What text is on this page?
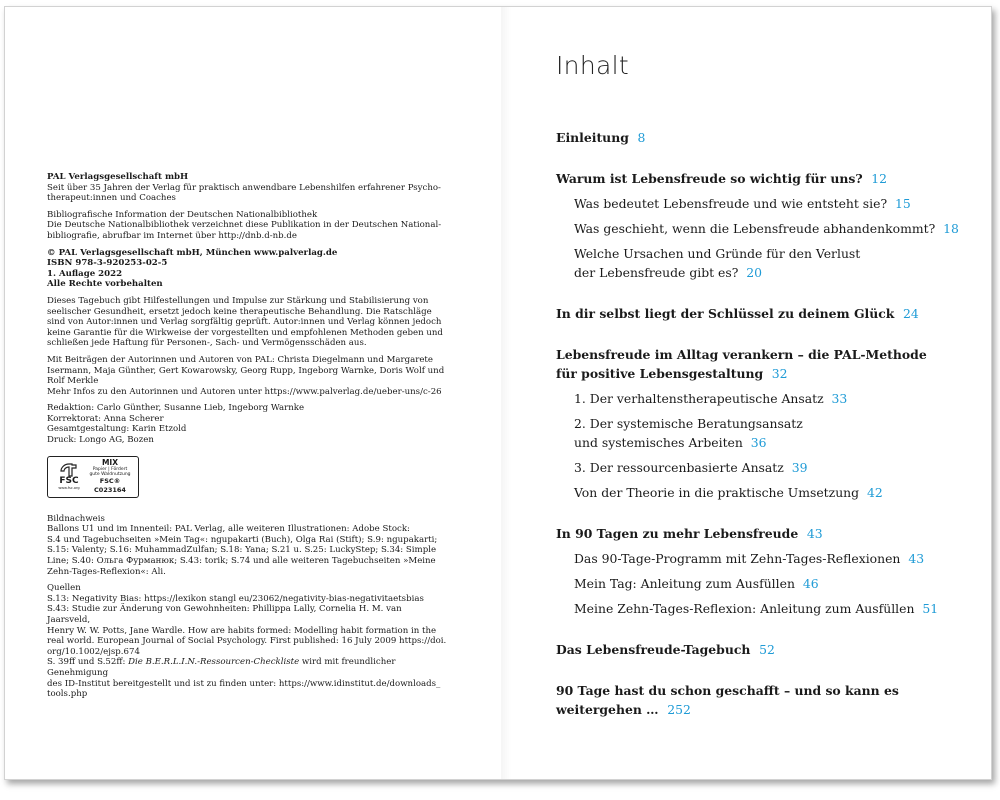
PAL Verlagsgesellschaft mbH
Seit über 35 Jahren der Verlag für praktisch anwendbare Lebenshilfen erfahrener Psycho-
therapeut:innen und Coaches
Bibliografische Information der Deutschen Nationalbibliothek
Die Deutsche Nationalbibliothek verzeichnet diese Publikation in der Deutschen National-
bibliografie, abrufbar im Internet über http://dnb.d-nb.de
© PAL Verlagsgesellschaft mbH, München www.palverlag.de
ISBN 978-3-920253-02-5
1. Auflage 2022
Alle Rechte vorbehalten
Dieses Tagebuch gibt Hilfestellungen und Impulse zur Stärkung und Stabilisierung von
seelischer Gesundheit, ersetzt jedoch keine therapeutische Behandlung. Die Ratschläge
sind von Autor:innen und Verlag sorgfältig geprüft. Autor:innen und Verlag können jedoch
keine Garantie für die Wirkweise der vorgestellten und empfohlenen Methoden geben und
schließen jede Haftung für Personen-, Sach- und Vermögensschäden aus.
Mit Beiträgen der Autorinnen und Autoren von PAL: Christa Diegelmann und Margarete
Isermann, Maja Günther, Gert Kowarowsky, Georg Rupp, Ingeborg Warnke, Doris Wolf und
Rolf Merkle
Mehr Infos zu den Autorinnen und Autoren unter https://www.palverlag.de/ueber-uns/c-26
Redaktion: Carlo Günther, Susanne Lieb, Ingeborg Warnke
Korrektorat: Anna Scherer
Gesamtgestaltung: Karin Etzold
Druck: Longo AG, Bozen
FSC
www.fsc.org
MIX
Papier | Fördert
gute Waldnutzung
FSC® C023164
Bildnachweis
Ballons U1 und im Innenteil: PAL Verlag, alle weiteren Illustrationen: Adobe Stock:
S.4 und Tagebuchseiten »Mein Tag«: ngupakarti (Buch), Olga Rai (Stift); S.9: ngupakarti;
S.15: Valenty; S.16: MuhammadZulfan; S.18: Yana; S.21 u. S.25: LuckyStep; S.34: Simple
Line; S.40: Ольга Фурманюк; S.43: torik; S.74 und alle weiteren Tagebuchseiten »Meine
Zehn-Tages-Reflexion«: Ali.
Quellen
S.13: Negativity Bias: https://lexikon stangl eu/23062/negativity-bias-negativitaetsbias
S.43: Studie zur Änderung von Gewohnheiten: Phillippa Lally, Cornelia H. M. van Jaarsveld,
Henry W. W. Potts, Jane Wardle. How are habits formed: Modelling habit formation in the
real world. European Journal of Social Psychology. First published: 16 July 2009 https://doi.
org/10.1002/ejsp.674
S. 39ff und S.52ff: Die B.E.R.L.I.N.-Ressourcen-Checkliste wird mit freundlicher Genehmigung
des ID-Institut bereitgestellt und ist zu finden unter: https://www.idinstitut.de/downloads_
tools.php
Inhalt
Einleitung 8
Warum ist Lebensfreude so wichtig für uns? 12
Was bedeutet Lebensfreude und wie entsteht sie? 15
Was geschieht, wenn die Lebensfreude abhandenkommt? 18
Welche Ursachen und Gründe für den Verlust
der Lebensfreude gibt es? 20
In dir selbst liegt der Schlüssel zu deinem Glück 24
Lebensfreude im Alltag verankern – die PAL-Methode
für positive Lebensgestaltung 32
1. Der verhaltenstherapeutische Ansatz 33
2. Der systemische Beratungsansatz
und systemisches Arbeiten 36
3. Der ressourcenbasierte Ansatz 39
Von der Theorie in die praktische Umsetzung 42
In 90 Tagen zu mehr Lebensfreude 43
Das 90-Tage-Programm mit Zehn-Tages-Reflexionen 43
Mein Tag: Anleitung zum Ausfüllen 46
Meine Zehn-Tages-Reflexion: Anleitung zum Ausfüllen 51
Das Lebensfreude-Tagebuch 52
90 Tage hast du schon geschafft – und so kann es
weitergehen … 252
